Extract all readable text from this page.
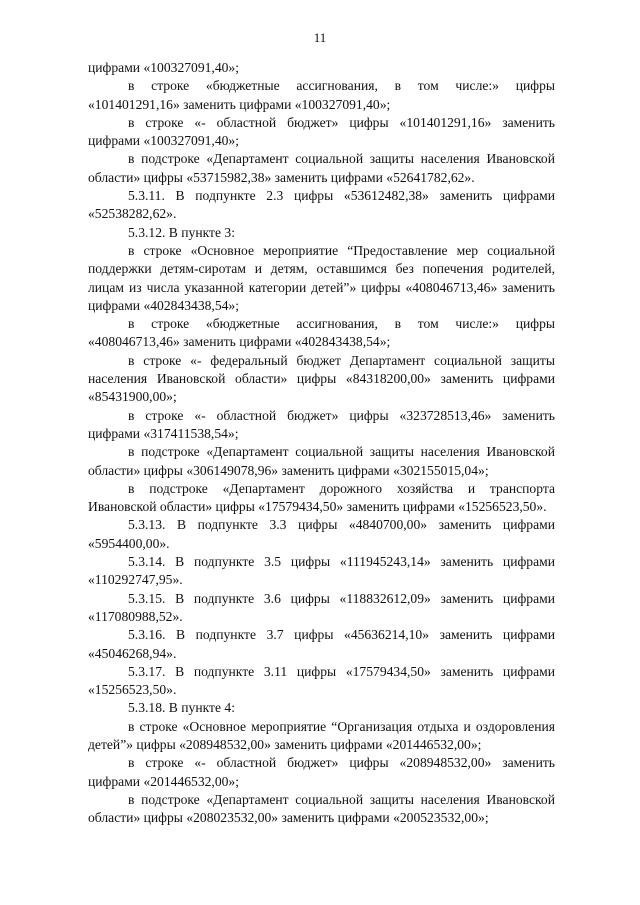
11

цифрами «100327091,40»;

в строке «бюджетные ассигнования, в том числе:» цифры «101401291,16» заменить цифрами «100327091,40»;

в строке «- областной бюджет» цифры «101401291,16» заменить цифрами «100327091,40»;

в подстроке «Департамент социальной защиты населения Ивановской области» цифры «53715982,38» заменить цифрами «52641782,62».

5.3.11. В подпункте 2.3 цифры «53612482,38» заменить цифрами «52538282,62».

5.3.12. В пункте 3:

в строке «Основное мероприятие “Предоставление мер социальной поддержки детям-сиротам и детям, оставшимся без попечения родителей, лицам из числа указанной категории детей”» цифры «408046713,46» заменить цифрами «402843438,54»;

в строке «бюджетные ассигнования, в том числе:» цифры «408046713,46» заменить цифрами «402843438,54»;

в строке «- федеральный бюджет Департамент социальной защиты населения Ивановской области» цифры «84318200,00» заменить цифрами «85431900,00»;

в строке «- областной бюджет» цифры «323728513,46» заменить цифрами «317411538,54»;

в подстроке «Департамент социальной защиты населения Ивановской области» цифры «306149078,96» заменить цифрами «302155015,04»;

в подстроке «Департамент дорожного хозяйства и транспорта Ивановской области» цифры «17579434,50» заменить цифрами «15256523,50».

5.3.13. В подпункте 3.3 цифры «4840700,00» заменить цифрами «5954400,00».

5.3.14. В подпункте 3.5 цифры «111945243,14» заменить цифрами «110292747,95».

5.3.15. В подпункте 3.6 цифры «118832612,09» заменить цифрами «117080988,52».

5.3.16. В подпункте 3.7 цифры «45636214,10» заменить цифрами «45046268,94».

5.3.17. В подпункте 3.11 цифры «17579434,50» заменить цифрами «15256523,50».

5.3.18. В пункте 4:

в строке «Основное мероприятие “Организация отдыха и оздоровления детей”» цифры «208948532,00» заменить цифрами «201446532,00»;

в строке «- областной бюджет» цифры «208948532,00» заменить цифрами «201446532,00»;

в подстроке «Департамент социальной защиты населения Ивановской области» цифры «208023532,00» заменить цифрами «200523532,00»;
